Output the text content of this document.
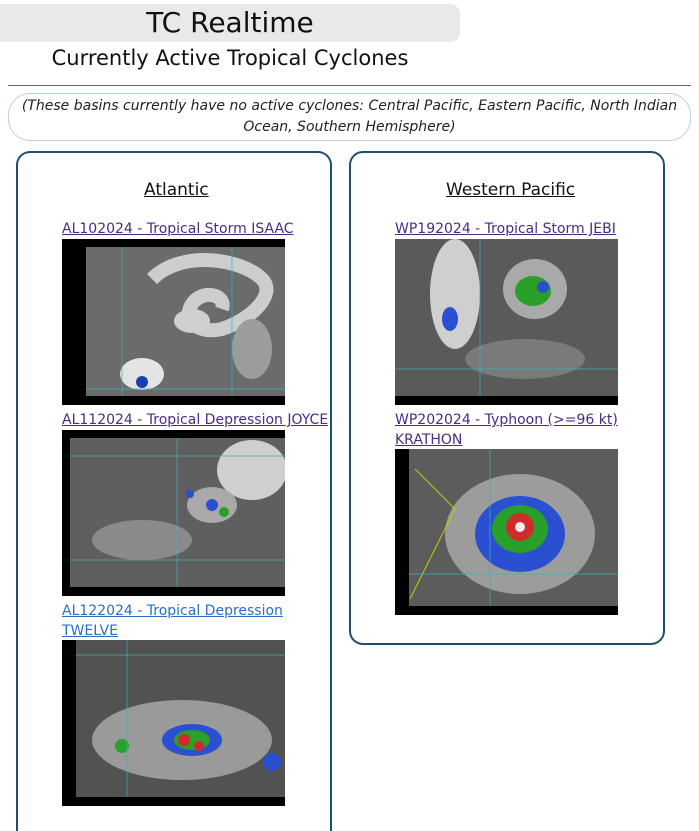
TC Realtime
Currently Active Tropical Cyclones
(These basins currently have no active cyclones: Central Pacific, Eastern Pacific, North Indian Ocean, Southern Hemisphere)
Atlantic
AL102024 - Tropical Storm ISAAC
AL112024 - Tropical Depression JOYCE
AL122024 - Tropical Depression
TWELVE
Western Pacific
WP192024 - Tropical Storm JEBI
WP202024 - Typhoon (>=96 kt)
KRATHON
